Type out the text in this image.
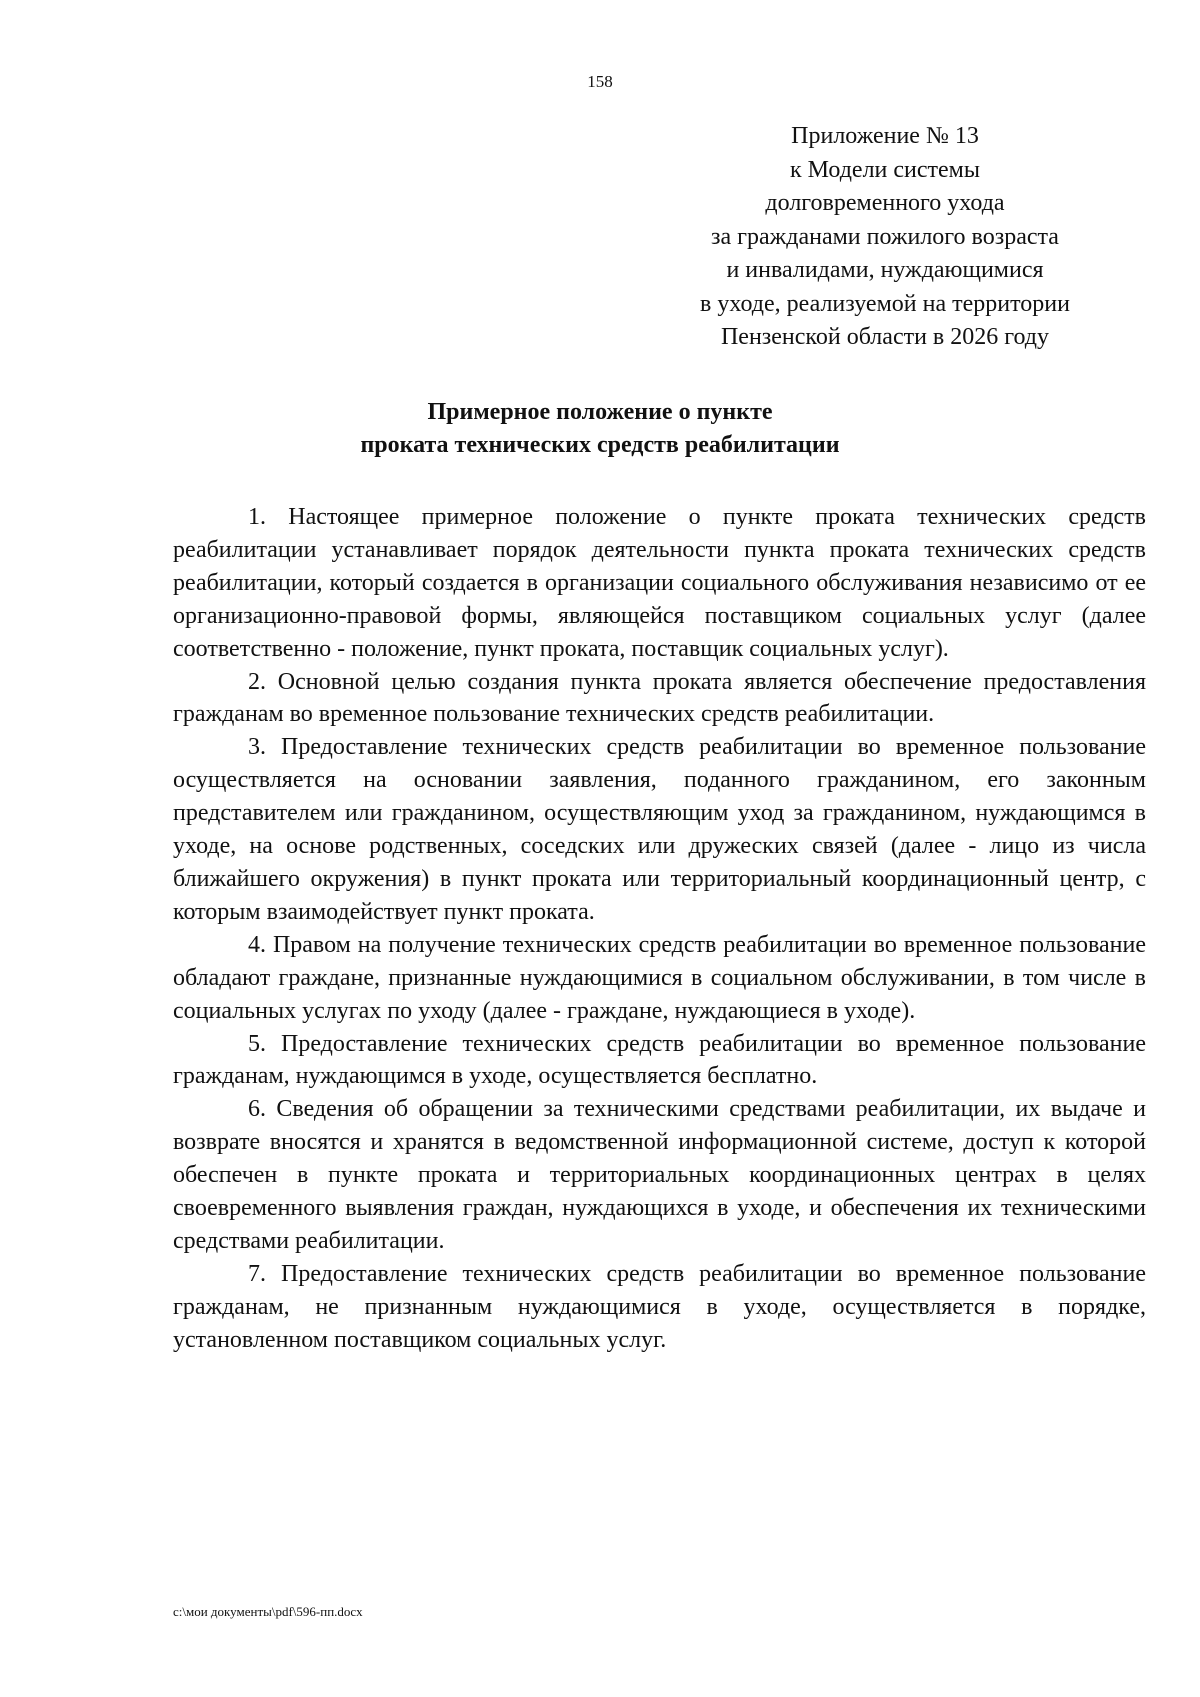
158
Приложение № 13
к Модели системы
долговременного ухода
за гражданами пожилого возраста
и инвалидами, нуждающимися
в уходе, реализуемой на территории
Пензенской области в 2026 году
Примерное положение о пункте
проката технических средств реабилитации

1. Настоящее примерное положение о пункте проката технических средств реабилитации устанавливает порядок деятельности пункта проката технических средств реабилитации, который создается в организации социального обслуживания независимо от ее организационно-правовой формы, являющейся поставщиком социальных услуг (далее соответственно - положение, пункт проката, поставщик социальных услуг).

2. Основной целью создания пункта проката является обеспечение предоставления гражданам во временное пользование технических средств реабилитации.

3. Предоставление технических средств реабилитации во временное пользование осуществляется на основании заявления, поданного гражданином, его законным представителем или гражданином, осуществляющим уход за гражданином, нуждающимся в уходе, на основе родственных, соседских или дружеских связей (далее - лицо из числа ближайшего окружения) в пункт проката или территориальный координационный центр, с которым взаимодействует пункт проката.

4. Правом на получение технических средств реабилитации во временное пользование обладают граждане, признанные нуждающимися в социальном обслуживании, в том числе в социальных услугах по уходу (далее - граждане, нуждающиеся в уходе).

5. Предоставление технических средств реабилитации во временное пользование гражданам, нуждающимся в уходе, осуществляется бесплатно.

6. Сведения об обращении за техническими средствами реабилитации, их выдаче и возврате вносятся и хранятся в ведомственной информационной системе, доступ к которой обеспечен в пункте проката и территориальных координационных центрах в целях своевременного выявления граждан, нуждающихся в уходе, и обеспечения их техническими средствами реабилитации.

7. Предоставление технических средств реабилитации во временное пользование гражданам, не признанным нуждающимися в уходе, осуществляется в порядке, установленном поставщиком социальных услуг.

c:\мои документы\pdf\596-пп.docx
